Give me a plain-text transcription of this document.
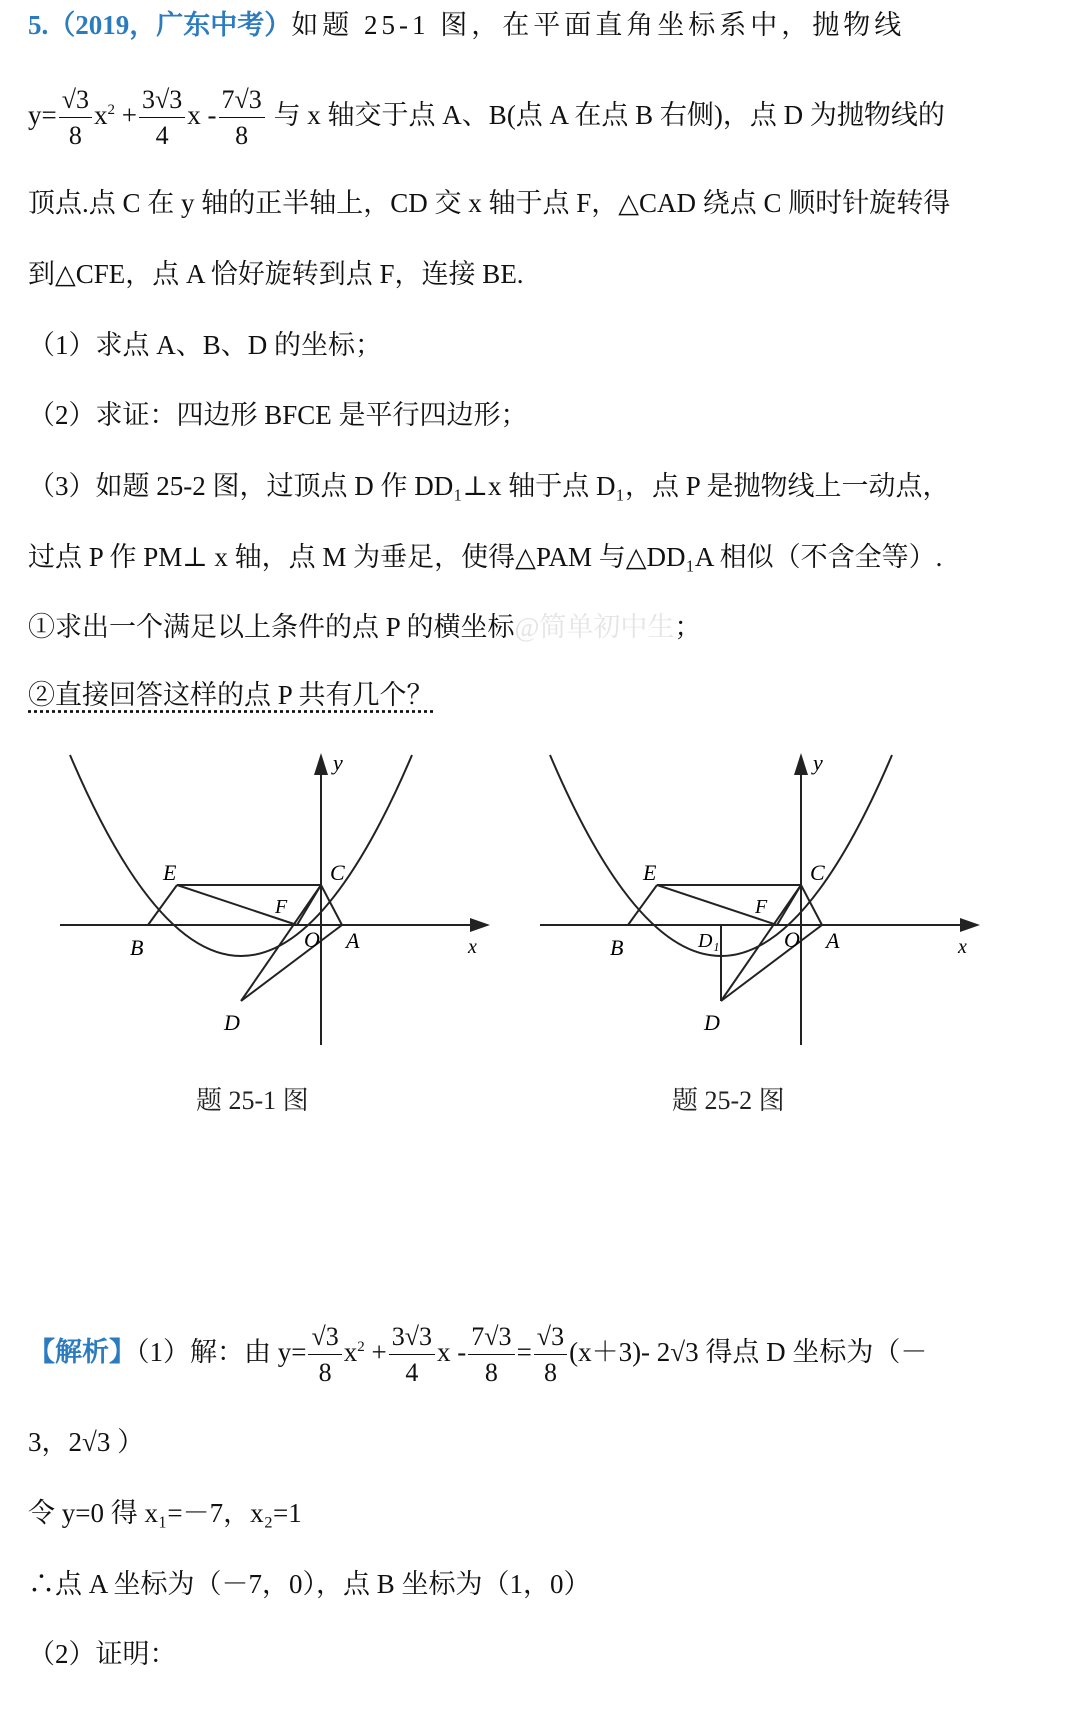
5.（2019，广东中考）如题 25-1 图，在平面直角坐标系中，抛物线
$y= \frac{√3}{8} x^2 + \frac{3√3}{4}$ x - $\frac{7√3}{8}$ 与 x 轴交于点 A、B(点 A 在点 B 右侧)，点 D 为抛物线的
顶点.点 C 在 y 轴的正半轴上，CD 交 x 轴于点 F，△CAD 绕点 C 顺时针旋转得
到△CFE，点 A 恰好旋转到点 F，连接 BE.
（1）求点 A、B、D 的坐标；
（2）求证：四边形 BFCE 是平行四边形；
（3）如题 25-2 图，过顶点 D 作 DD₁⊥x 轴于点 D₁，点 P 是抛物线上一动点，
过点 P 作 PM⊥ x 轴，点 M 为垂足，使得△PAM 与△DD₁A 相似（不含全等）.
①求出一个满足以上条件的点 P 的横坐标@简单初中生；
②直接回答这样的点 P 共有几个？
y
x
E	C
F
O A
B
D
y
x
E	C
F
O A
B
D
D₁
题 25-1 图	题 25-2 图
【解析】（1）解：由 $y= \frac{√3}{8} x^2 + \frac{3√3}{4}$ $x - \frac{7√3}{8} = \frac{√3}{8} (x+3)-$ 2√3 得点 D 坐标为（－
3，2√3 ）
令 y=0 得 x₁=－7，x₂=1
∴点 A 坐标为（－7，0），点 B 坐标为（1，0）
（2）证明：
